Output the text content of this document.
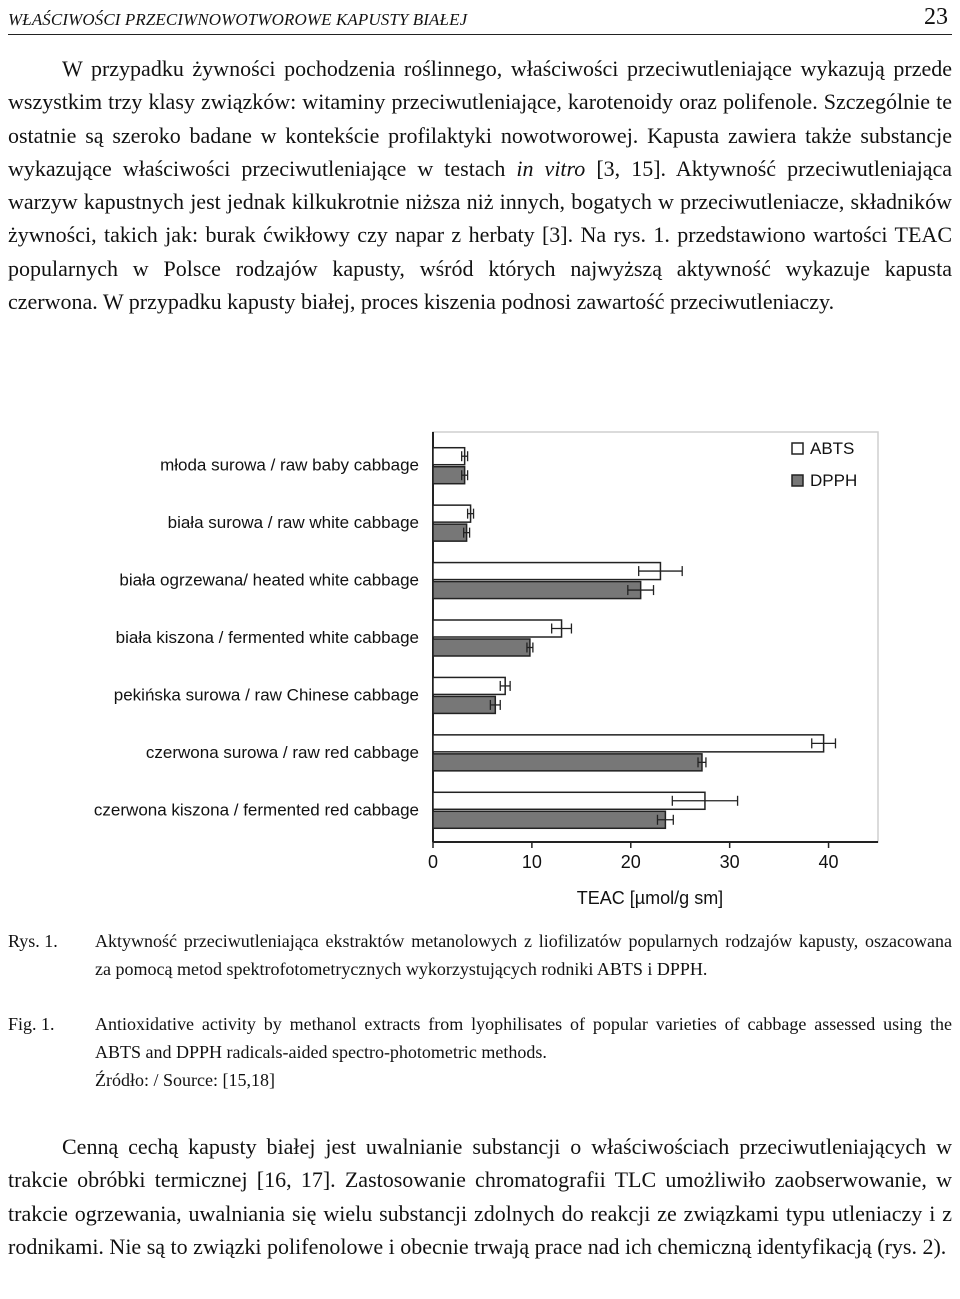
WŁAŚCIWOŚCI PRZECIWNOWOTWOROWE KAPUSTY BIAŁEJ	23

W przypadku żywności pochodzenia roślinnego, właściwości przeciwutleniające wykazują przede wszystkim trzy klasy związków: witaminy przeciwutleniające, karotenoidy oraz polifenole. Szczególnie te ostatnie są szeroko badane w kontekście profilaktyki nowotworowej. Kapusta zawiera także substancje wykazujące właściwości przeciwutleniające w testach in vitro [3, 15]. Aktywność przeciwutleniająca warzyw kapustnych jest jednak kilkukrotnie niższa niż innych, bogatych w przeciwutleniacze, składników żywności, takich jak: burak ćwikłowy czy napar z herbaty [3]. Na rys. 1. przedstawiono wartości TEAC popularnych w Polsce rodzajów kapusty, wśród których najwyższą aktywność wykazuje kapusta czerwona. W przypadku kapusty białej, proces kiszenia podnosi zawartość przeciwutleniaczy.

młoda surowa / raw baby cabbage
biała surowa / raw white cabbage
biała ogrzewana/ heated white cabbage
biała kiszona / fermented white cabbage
pekińska surowa / raw Chinese cabbage
czerwona surowa / raw red cabbage
czerwona kiszona / fermented red cabbage
0	10	20	30	40
TEAC [µmol/g sm]
ABTS
DPPH
Rys. 1.	Aktywność przeciwutleniająca ekstraktów metanolowych z liofilizatów popularnych rodzajów kapusty, oszacowana za pomocą metod spektrofotometrycznych wykorzystujących rodniki ABTS i DPPH.
Fig. 1.	Antioxidative activity by methanol extracts from lyophilisates of popular varieties of cabbage assessed using the ABTS and DPPH radicals-aided spectro-photometric methods.
Źródło: / Source: [15,18]

Cenną cechą kapusty białej jest uwalnianie substancji o właściwościach przeciwutleniających w trakcie obróbki termicznej [16, 17]. Zastosowanie chromatografii TLC umożliwiło zaobserwowanie, w trakcie ogrzewania, uwalniania się wielu substancji zdolnych do reakcji ze związkami typu utleniaczy i z rodnikami. Nie są to związki polifenolowe i obecnie trwają prace nad ich chemiczną identyfikacją (rys. 2).
